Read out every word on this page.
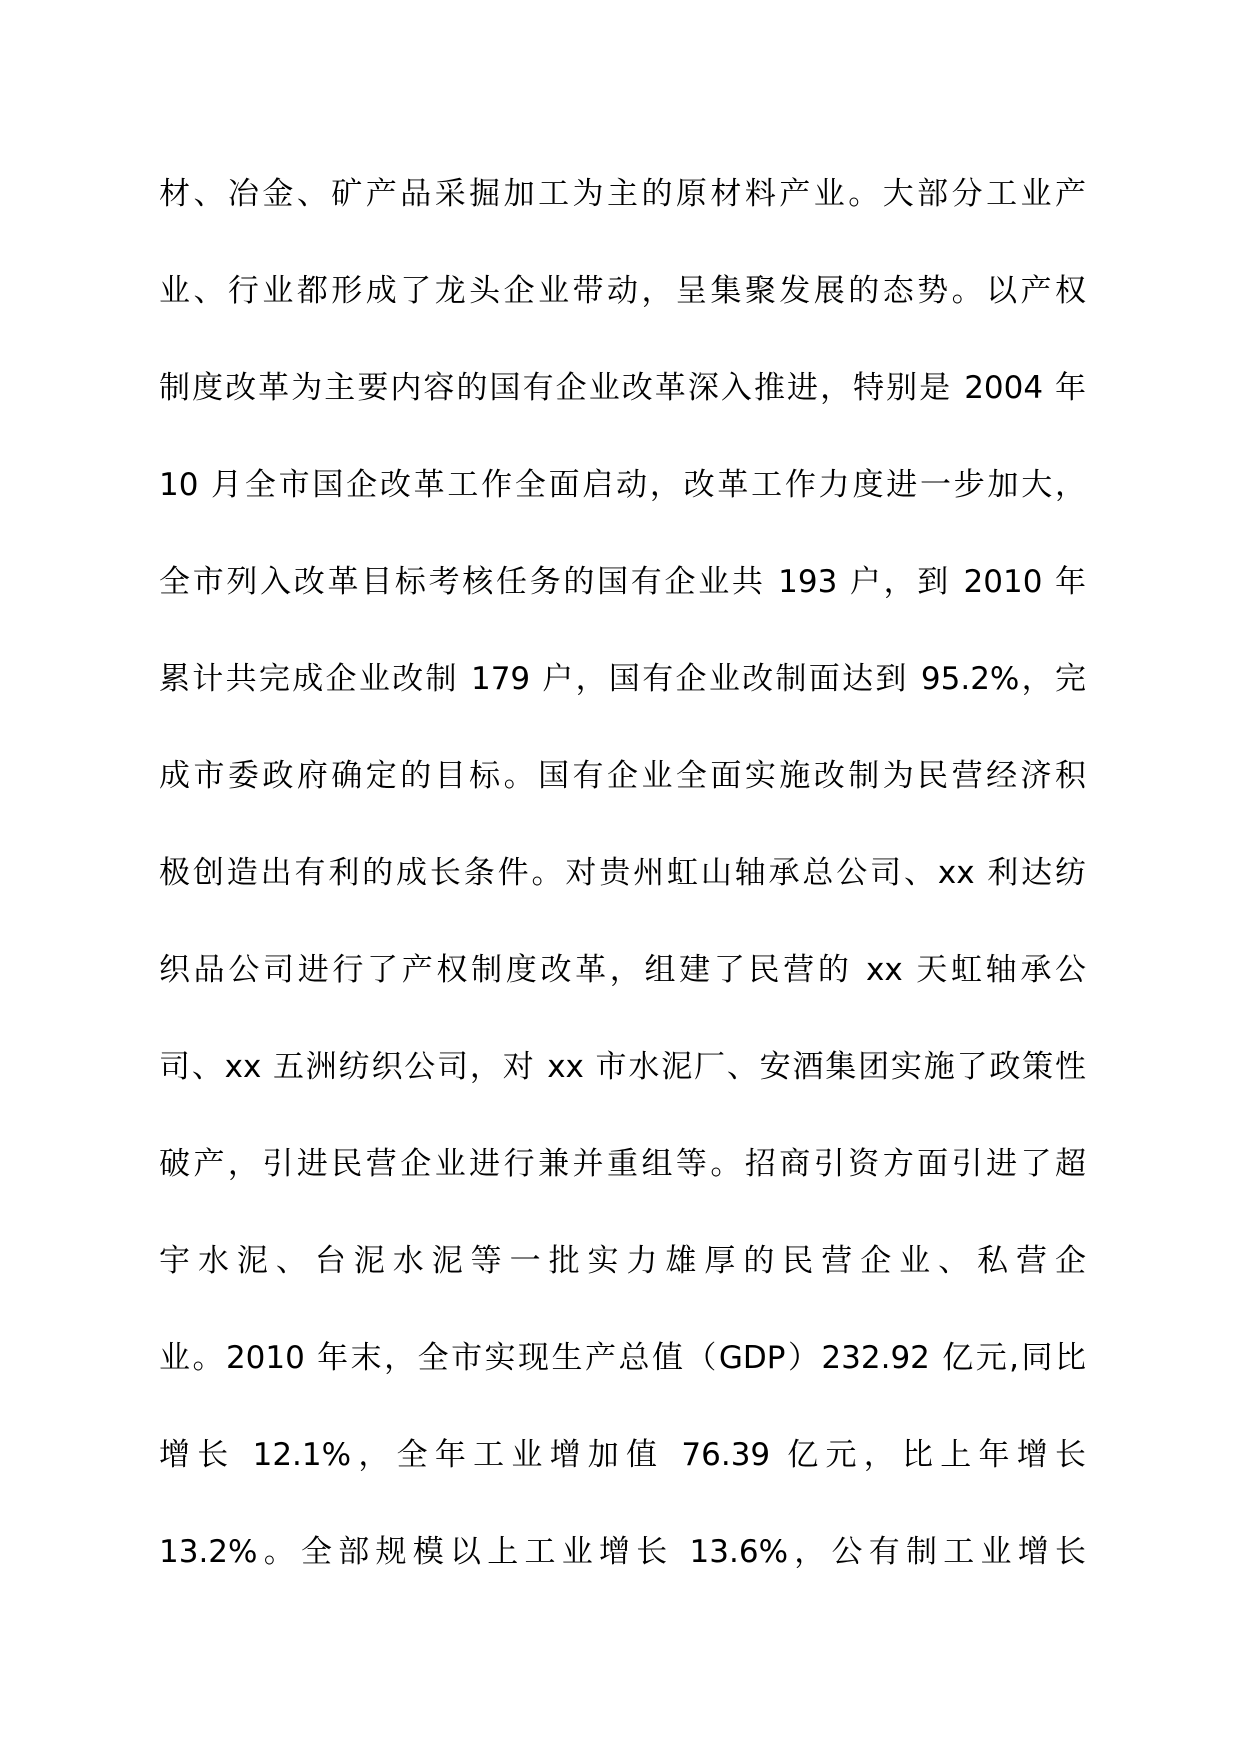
材、冶金、矿产品采掘加工为主的原材料产业。大部分工业产
业、行业都形成了龙头企业带动，呈集聚发展的态势。以产权
制度改革为主要内容的国有企业改革深入推进，特别是 2004 年
10 月全市国企改革工作全面启动，改革工作力度进一步加大，
全市列入改革目标考核任务的国有企业共 193 户，到 2010 年
累计共完成企业改制 179 户，国有企业改制面达到 95.2%，完
成市委政府确定的目标。国有企业全面实施改制为民营经济积
极创造出有利的成长条件。对贵州虹山轴承总公司、xx 利达纺
织品公司进行了产权制度改革，组建了民营的 xx 天虹轴承公
司、xx 五洲纺织公司，对 xx 市水泥厂、安酒集团实施了政策性
破产，引进民营企业进行兼并重组等。招商引资方面引进了超
宇水泥、台泥水泥等一批实力雄厚的民营企业、私营企
业。2010 年末，全市实现生产总值（GDP）232.92 亿元,同比
增长 12.1%，全年工业增加值 76.39 亿元，比上年增长
13.2%。全部规模以上工业增长 13.6%，公有制工业增长
